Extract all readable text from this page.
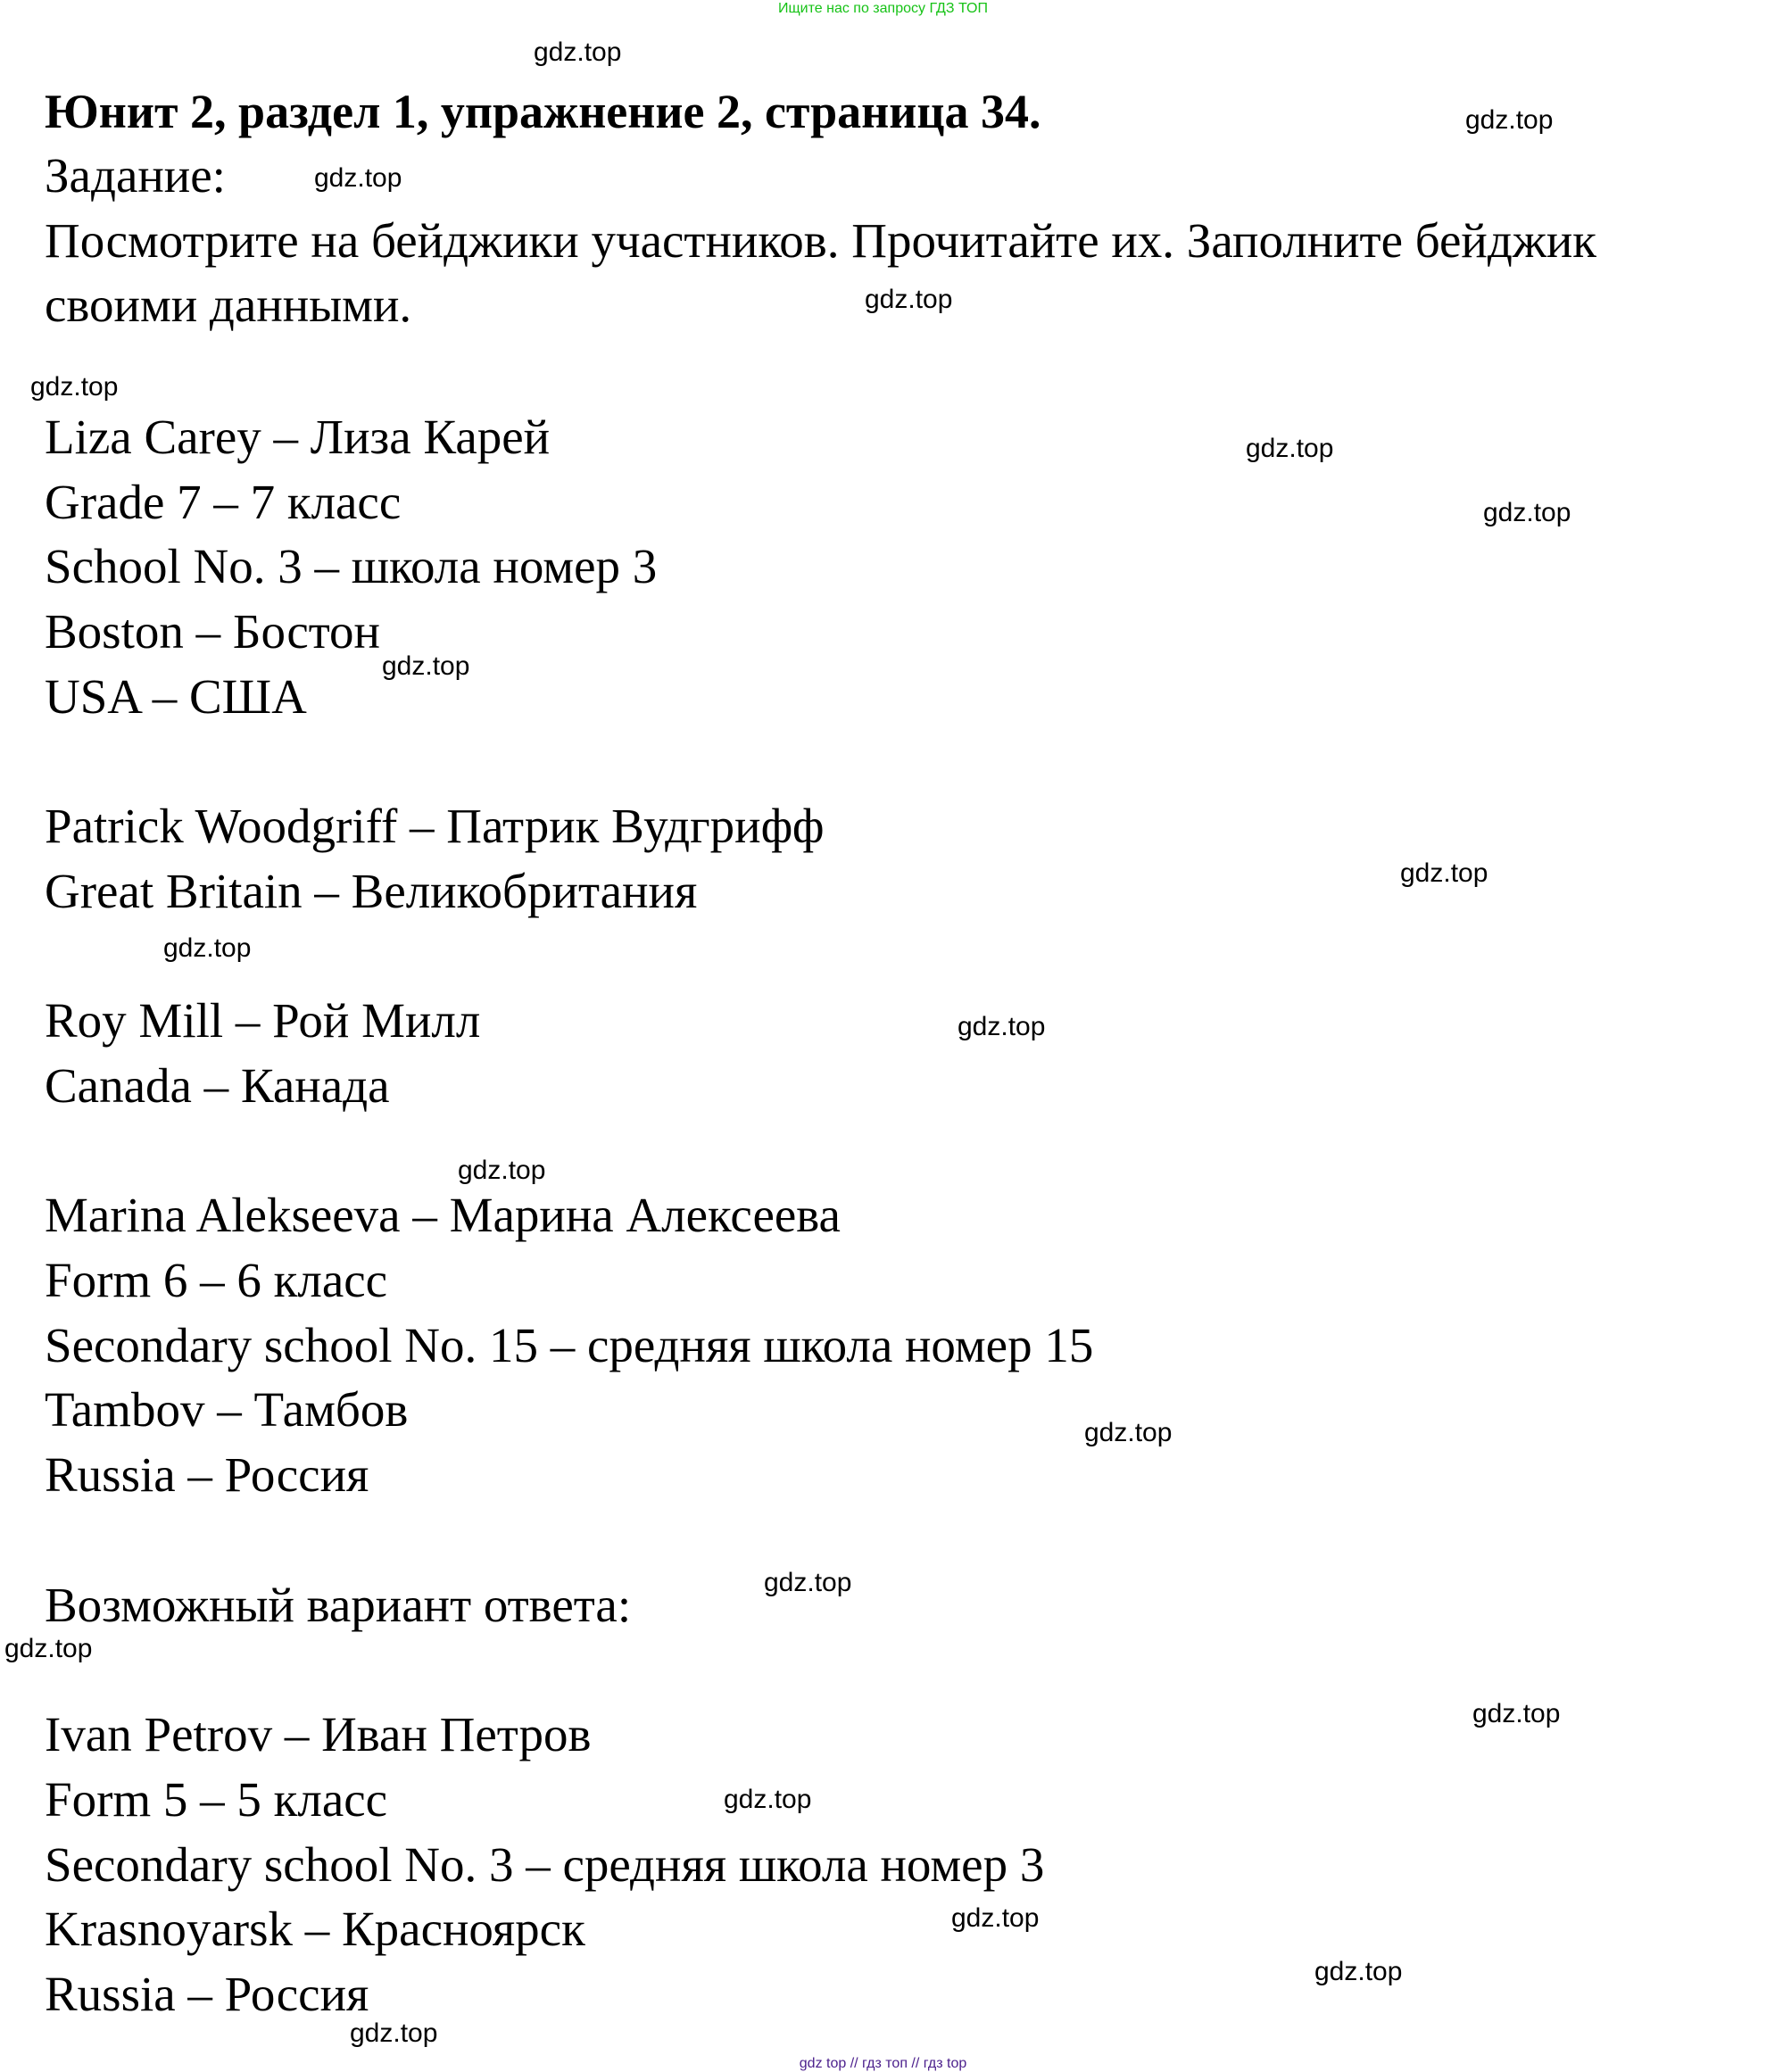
Ищите нас по запросу ГДЗ ТОП
Юнит 2, раздел 1, упражнение 2, страница 34.
Задание:
Посмотрите на бейджики участников. Прочитайте их. Заполните бейджик
своими данными.
Liza Carey – Лиза Карей
Grade 7 – 7 класс
School No. 3 – школа номер 3
Boston – Бостон
USA – США
Patrick Woodgriff – Патрик Вудгрифф
Great Britain – Великобритания
Roy Mill – Рой Милл
Canada – Канада
Marina Alekseeva – Марина Алексеева
Form 6 – 6 класс
Secondary school No. 15 – средняя школа номер 15
Tambov – Тамбов
Russia – Россия
Возможный вариант ответа:
Ivan Petrov – Иван Петров
Form 5 – 5 класс
Secondary school No. 3 – средняя школа номер 3
Krasnoyarsk – Красноярск
Russia – Россия
gdz.top
gdz.top
gdz.top
gdz.top
gdz.top
gdz.top
gdz.top
gdz.top
gdz.top
gdz.top
gdz.top
gdz.top
gdz.top
gdz.top
gdz.top
gdz.top
gdz.top
gdz.top
gdz.top
gdz.top
gdz top // гдз топ // гдз top
